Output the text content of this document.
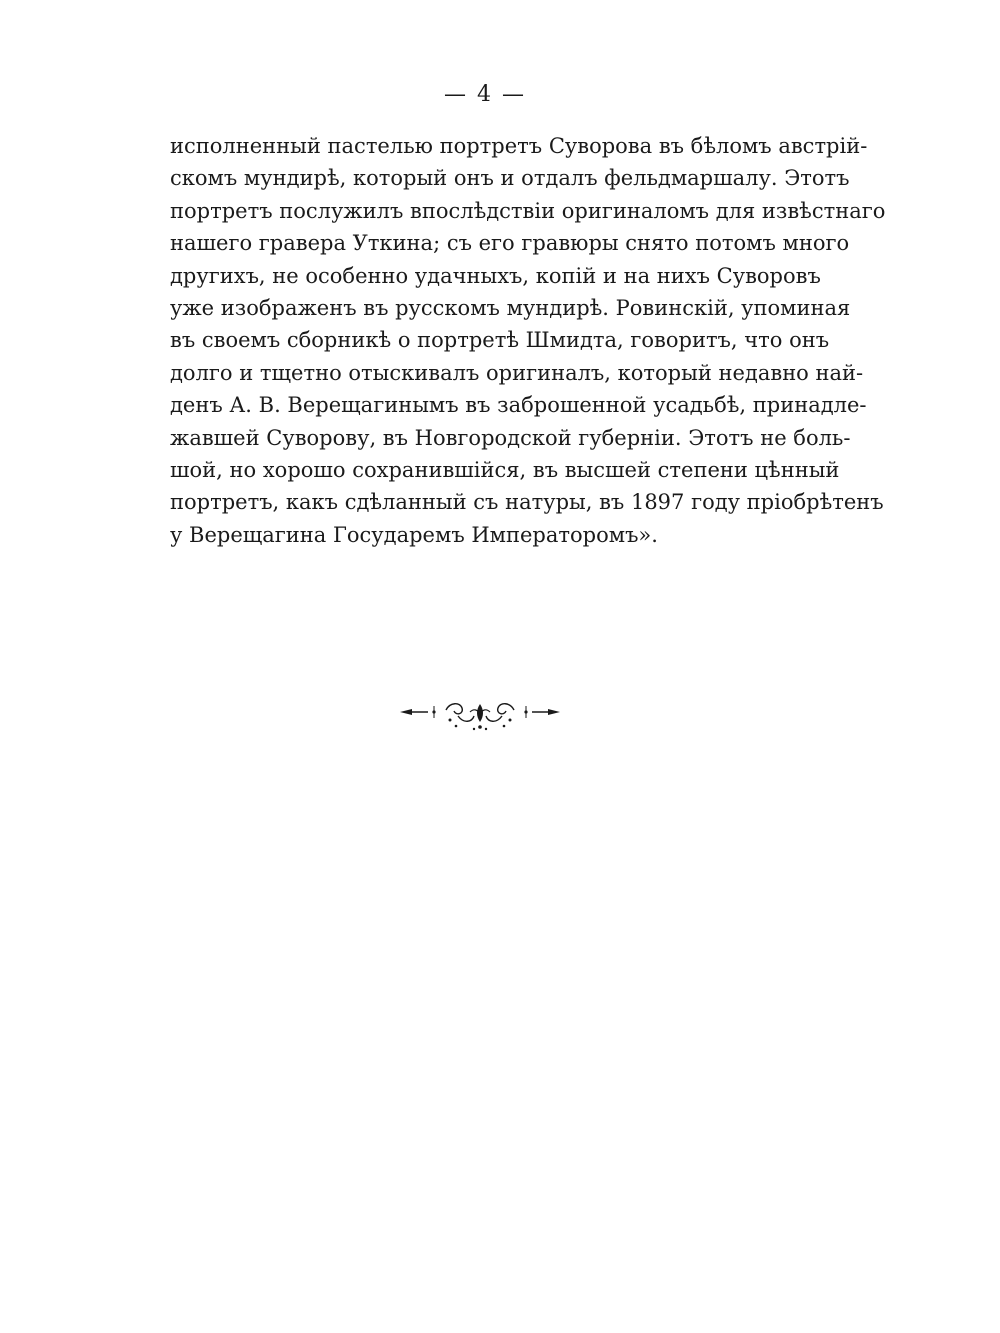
— 4 —
исполненный пастелью портретъ Суворова въ бѣломъ австрій-
скомъ мундирѣ, который онъ и отдалъ фельдмаршалу. Этотъ
портретъ послужилъ впослѣдствіи оригиналомъ для извѣстнаго
нашего гравера Уткина; съ его гравюры снято потомъ много
другихъ, не особенно удачныхъ, копій и на нихъ Суворовъ
уже изображенъ въ русскомъ мундирѣ. Ровинскій, упоминая
въ своемъ сборникѣ о портретѣ Шмидта, говоритъ, что онъ
долго и тщетно отыскивалъ оригиналъ, который недавно най-
денъ А. В. Верещагинымъ въ заброшенной усадьбѣ, принадле-
жавшей Суворову, въ Новгородской губерніи. Этотъ не боль-
шой, но хорошо сохранившійся, въ высшей степени цѣнный
портретъ, какъ сдѣланный съ натуры, въ 1897 году пріобрѣтенъ
у Верещагина Государемъ Императоромъ».
